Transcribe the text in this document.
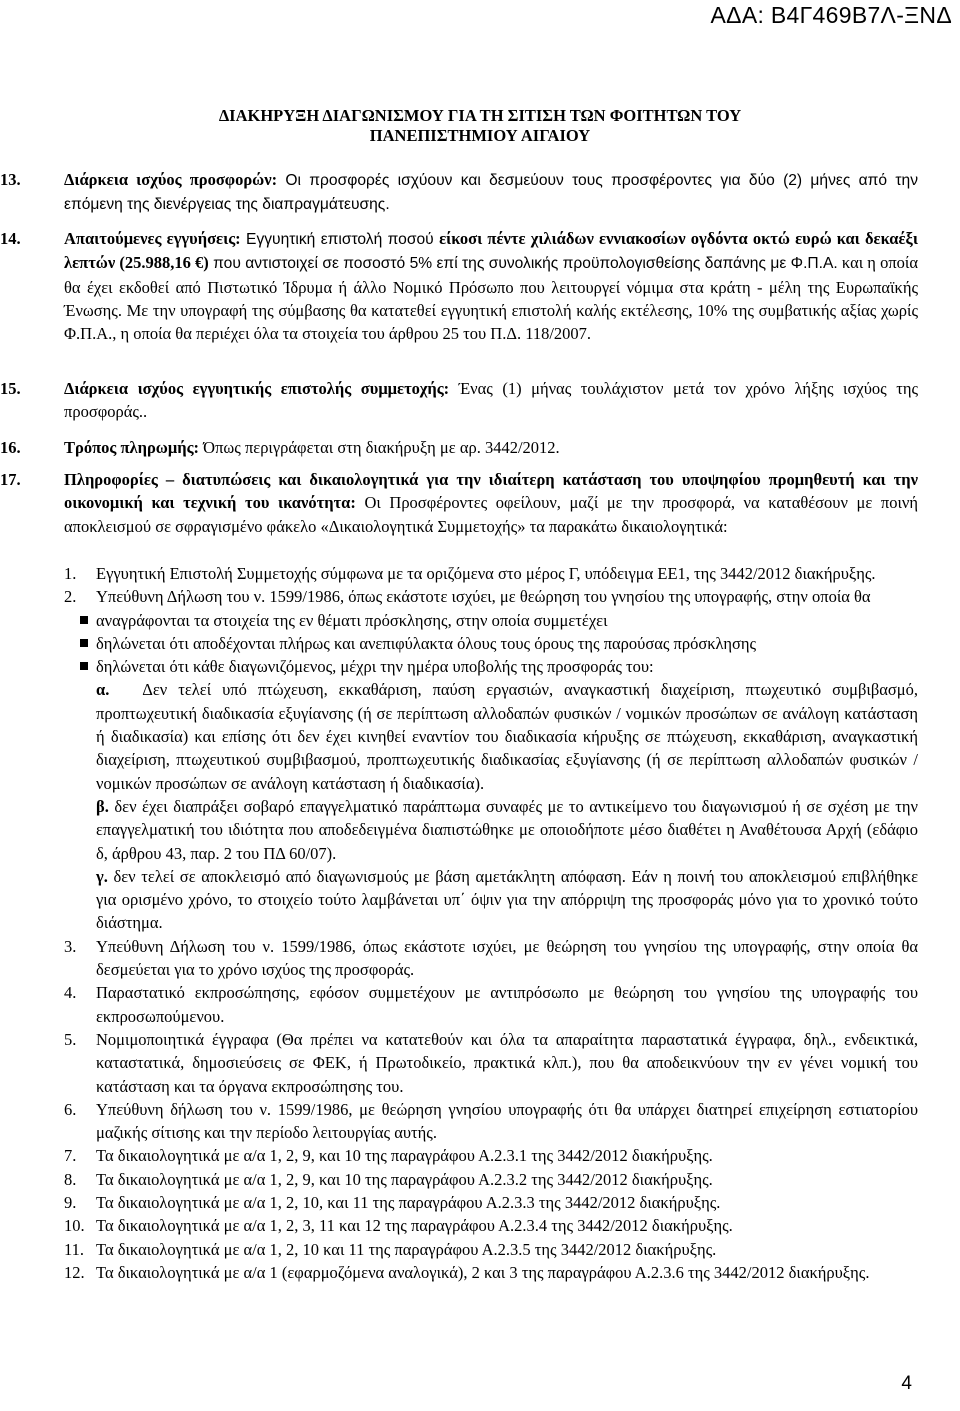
ΑΔΑ: Β4Γ469Β7Λ-ΞΝΔ
ΔΙΑΚΗΡΥΞΗ ΔΙΑΓΩΝΙΣΜΟΥ ΓΙΑ ΤΗ ΣΙΤΙΣΗ ΤΩΝ ΦΟΙΤΗΤΩΝ ΤΟΥ
ΠΑΝΕΠΙΣΤΗΜΙΟΥ ΑΙΓΑΙΟΥ
13.	Διάρκεια ισχύος προσφορών: Οι προσφορές ισχύουν και δεσμεύουν τους προσφέροντες για δύο (2) μήνες από την επόμενη της διενέργειας της διαπραγμάτευσης.

14.	Απαιτούμενες εγγυήσεις: Εγγυητική επιστολή ποσού είκοσι πέντε χιλιάδων εννιακοσίων ογδόντα οκτώ ευρώ και δεκαέξι λεπτών (25.988,16 €) που αντιστοιχεί σε ποσοστό 5% επί της συνολικής προϋπολογισθείσης δαπάνης με Φ.Π.Α. και η οποία θα έχει εκδοθεί από Πιστωτικό Ίδρυμα ή άλλο Νομικό Πρόσωπο που λειτουργεί νόμιμα στα κράτη - μέλη της Ευρωπαϊκής Ένωσης. Με την υπογραφή της σύμβασης θα κατατεθεί εγγυητική επιστολή καλής εκτέλεσης, 10% της συμβατικής αξίας χωρίς Φ.Π.Α., η οποία θα περιέχει όλα τα στοιχεία του άρθρου 25 του Π.Δ. 118/2007.

15.	Διάρκεια ισχύος εγγυητικής επιστολής συμμετοχής: Ένας (1) μήνας τουλάχιστον μετά τον χρόνο λήξης ισχύος της προσφοράς..

16.	Τρόπος πληρωμής: Όπως περιγράφεται στη διακήρυξη με αρ. 3442/2012.

17.	Πληροφορίες – διατυπώσεις και δικαιολογητικά για την ιδιαίτερη κατάσταση του υποψηφίου προμηθευτή και την οικονομική και τεχνική του ικανότητα: Οι Προσφέροντες οφείλουν, μαζί με την προσφορά, να καταθέσουν με ποινή αποκλεισμού σε σφραγισμένο φάκελο «Δικαιολογητικά Συμμετοχής» τα παρακάτω δικαιολογητικά:

1. Εγγυητική Επιστολή Συμμετοχής σύμφωνα με τα οριζόμενα στο μέρος Γ, υπόδειγμα ΕΕ1, της 3442/2012 διακήρυξης.
2. Υπεύθυνη Δήλωση του ν. 1599/1986, όπως εκάστοτε ισχύει, με θεώρηση του γνησίου της υπογραφής, στην οποία θα
αναγράφονται τα στοιχεία της εν θέματι πρόσκλησης, στην οποία συμμετέχει
δηλώνεται ότι αποδέχονται πλήρως και ανεπιφύλακτα όλους τους όρους της παρούσας πρόσκλησης
δηλώνεται ότι κάθε διαγωνιζόμενος, μέχρι την ημέρα υποβολής της προσφοράς του:
α. Δεν τελεί υπό πτώχευση, εκκαθάριση, παύση εργασιών, αναγκαστική διαχείριση, πτωχευτικό συμβιβασμό, προπτωχευτική διαδικασία εξυγίανσης (ή σε περίπτωση αλλοδαπών φυσικών / νομικών προσώπων σε ανάλογη κατάσταση ή διαδικασία) και επίσης ότι δεν έχει κινηθεί εναντίον του διαδικασία κήρυξης σε πτώχευση, εκκαθάριση, αναγκαστική διαχείριση, πτωχευτικού συμβιβασμού, προπτωχευτικής διαδικασίας εξυγίανσης (ή σε περίπτωση αλλοδαπών φυσικών / νομικών προσώπων σε ανάλογη κατάσταση ή διαδικασία).
β. δεν έχει διαπράξει σοβαρό επαγγελματικό παράπτωμα συναφές με το αντικείμενο του διαγωνισμού ή σε σχέση με την επαγγελματική του ιδιότητα που αποδεδειγμένα διαπιστώθηκε με οποιοδήποτε μέσο διαθέτει η Αναθέτουσα Αρχή (εδάφιο δ, άρθρου 43, παρ. 2 του ΠΔ 60/07).
γ. δεν τελεί σε αποκλεισμό από διαγωνισμούς με βάση αμετάκλητη απόφαση. Εάν η ποινή του αποκλεισμού επιβλήθηκε για ορισμένο χρόνο, το στοιχείο τούτο λαμβάνεται υπ΄ όψιν για την απόρριψη της προσφοράς μόνο για το χρονικό τούτο διάστημα.
3. Υπεύθυνη Δήλωση του ν. 1599/1986, όπως εκάστοτε ισχύει, με θεώρηση του γνησίου της υπογραφής, στην οποία θα δεσμεύεται για το χρόνο ισχύος της προσφοράς.
4. Παραστατικό εκπροσώπησης, εφόσον συμμετέχουν με αντιπρόσωπο με θεώρηση του γνησίου της υπογραφής του εκπροσωπούμενου.
5. Νομιμοποιητικά έγγραφα (Θα πρέπει να κατατεθούν και όλα τα απαραίτητα παραστατικά έγγραφα, δηλ., ενδεικτικά, καταστατικά, δημοσιεύσεις σε ΦΕΚ, ή Πρωτοδικείο, πρακτικά κλπ.), που θα αποδεικνύουν την εν γένει νομική του κατάσταση και τα όργανα εκπροσώπησης του.
6. Υπεύθυνη δήλωση του ν. 1599/1986, με θεώρηση γνησίου υπογραφής ότι θα υπάρχει διατηρεί επιχείρηση εστιατορίου μαζικής σίτισης και την περίοδο λειτουργίας αυτής.
7. Τα δικαιολογητικά με α/α 1, 2, 9, και 10 της παραγράφου Α.2.3.1 της 3442/2012 διακήρυξης.
8. Τα δικαιολογητικά με α/α 1, 2, 9, και 10 της παραγράφου Α.2.3.2 της 3442/2012 διακήρυξης.
9. Τα δικαιολογητικά με α/α 1, 2, 10, και 11 της παραγράφου Α.2.3.3 της 3442/2012 διακήρυξης.
10. Τα δικαιολογητικά με α/α 1, 2, 3, 11 και 12 της παραγράφου Α.2.3.4 της 3442/2012 διακήρυξης.
11. Τα δικαιολογητικά με α/α 1, 2, 10 και 11 της παραγράφου Α.2.3.5 της 3442/2012 διακήρυξης.
12. Τα δικαιολογητικά με α/α 1 (εφαρμοζόμενα αναλογικά), 2 και 3 της παραγράφου Α.2.3.6 της 3442/2012 διακήρυξης.
4
